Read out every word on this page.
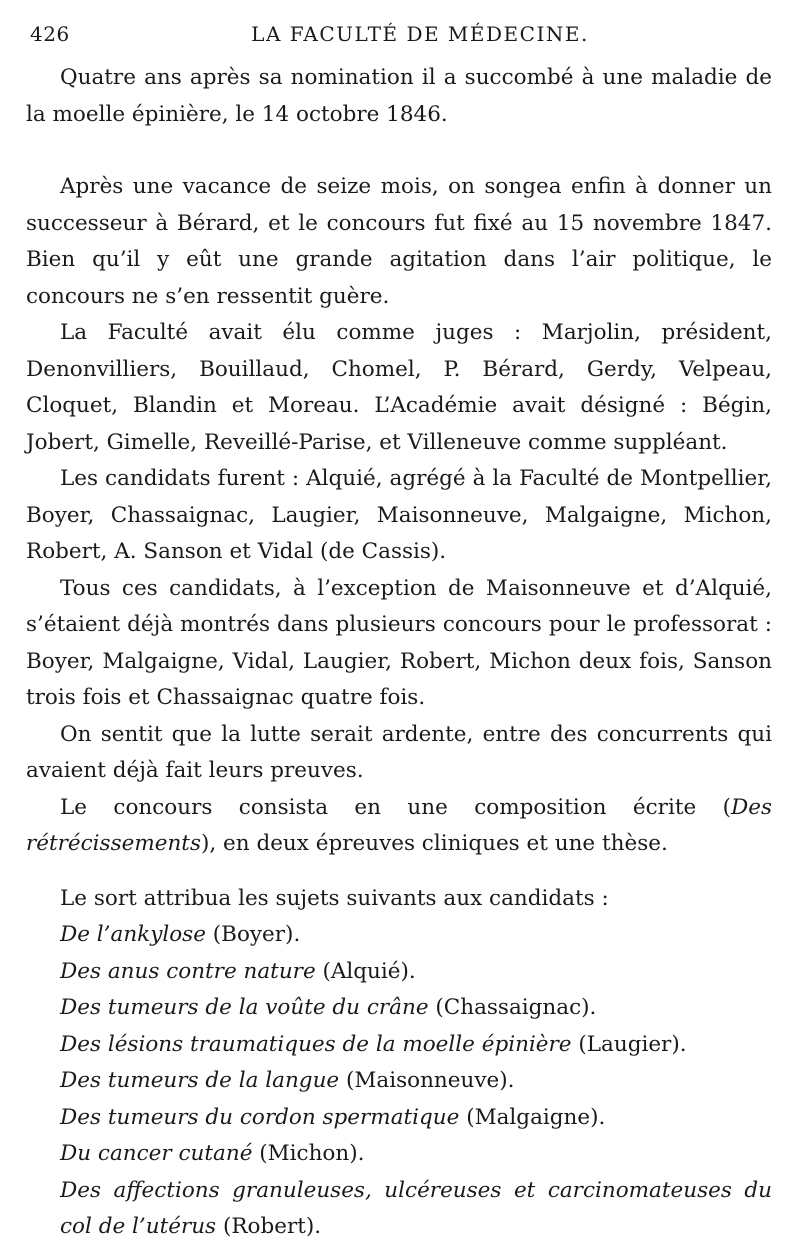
426	LA FACULTÉ DE MÉDECINE.

Quatre ans après sa nomination il a succombé à une maladie de la moelle épinière, le 14 octobre 1846.

Après une vacance de seize mois, on songea enfin à donner un successeur à Bérard, et le concours fut fixé au 15 novembre 1847. Bien qu’il y eût une grande agitation dans l’air politique, le concours ne s’en ressentit guère.

La Faculté avait élu comme juges : Marjolin, président, Denonvilliers, Bouillaud, Chomel, P. Bérard, Gerdy, Velpeau, Cloquet, Blandin et Moreau. L’Académie avait désigné : Bégin, Jobert, Gimelle, Reveillé-Parise, et Villeneuve comme suppléant.

Les candidats furent : Alquié, agrégé à la Faculté de Montpellier, Boyer, Chassaignac, Laugier, Maisonneuve, Malgaigne, Michon, Robert, A. Sanson et Vidal (de Cassis).

Tous ces candidats, à l’exception de Maisonneuve et d’Alquié, s’étaient déjà montrés dans plusieurs concours pour le professorat : Boyer, Malgaigne, Vidal, Laugier, Robert, Michon deux fois, Sanson trois fois et Chassaignac quatre fois.

On sentit que la lutte serait ardente, entre des concurrents qui avaient déjà fait leurs preuves.

Le concours consista en une composition écrite (Des rétrécissements), en deux épreuves cliniques et une thèse.

Le sort attribua les sujets suivants aux candidats :

De l’ankylose (Boyer).

Des anus contre nature (Alquié).

Des tumeurs de la voûte du crâne (Chassaignac).

Des lésions traumatiques de la moelle épinière (Laugier).

Des tumeurs de la langue (Maisonneuve).

Des tumeurs du cordon spermatique (Malgaigne).

Du cancer cutané (Michon).

Des affections granuleuses, ulcéreuses et carcinomateuses du col de l’utérus (Robert).
